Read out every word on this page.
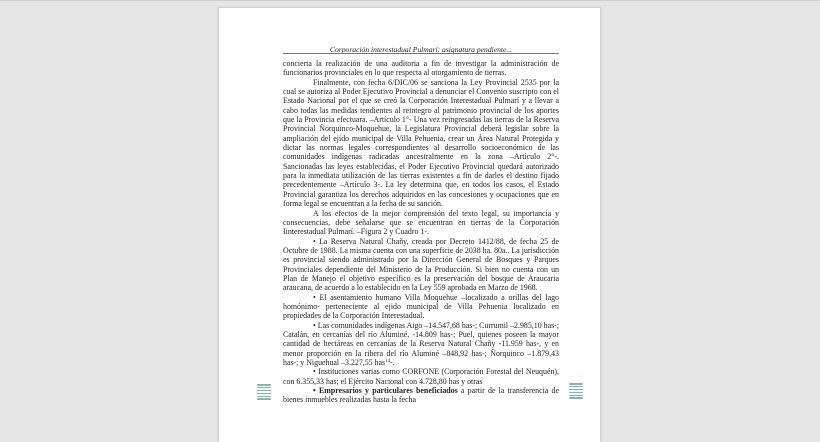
Corporación interestadual Pulmarí: asignatura pendiente...

concierta la realización de una auditoria a fin de investigar la administración de funcionarios provinciales en lo que respecta al otorgamiento de tierras.

Finalmente, con fecha 6/DIC/06 se sanciona la Ley Provincial 2535 por la cual se autoriza al Poder Ejecutivo Provincial a denunciar el Convenio suscripto con el Estado Nacional por el que se creó la Corporación Interestadual Pulmarí y a llevar a cabo todas las medidas tendientes al reintegro al patrimonio provincial de los aportes que la Provincia efectuara. –Artículo 1°- Una vez reingresadas las tierras de la Reserva Provincial Ñorquinco-Moquehue, la Legislatura Provincial deberá legislar sobre la ampliación del ejido municipal de Villa Pehuenia, crear un Área Natural Protegida y dictar las normas legales correspondientes al desarrollo socioeconómico de las comunidades indígenas radicadas ancestralmente en la zona –Artículo 2°-. Sancionadas las leyes establecidas, el Poder Ejecutivo Provincial quedará autorizado para la inmediata utilización de las tierras existentes a fin de darles el destino fijado precedentemente –Artículo 3-. La ley determina que, en todos los casos, el Estado Provincial garantiza los derechos adquiridos en las concesiones y ocupaciones que en forma legal se encuentran a la fecha de su sanción.

A los efectos de la mejor comprensión del texto legal, su importancia y consecuencias, debe señalarse que se encuentran en tierras de la Corporación Iinterestadual Pulmarí. –Figura 2 y Cuadro 1-.

• La Reserva Natural Chañy, creada por Decreto 1412/88, de fecha 25 de Octubre de 1988. La misma cuenta con una superficie de 2038 ha. 80a.. La jurisdicción es provincial siendo administrado por la Dirección General de Bosques y Parques Provinciales dependiente del Ministerio de la Producción. Si bien no cuenta con un Plan de Manejo el objetivo específico es la preservación del bosque de Araucaria araucana, de acuerdo a lo establecido en la Ley 559 aprobada en Marzo de 1968.

• El asentamiento humano Villa Moquehue –localizado a orillas del lago homónimo- perteneciente al ejido municipal de Villa Pehuenia localizado en propiedades de la Corporación Interestadual.

• Las comunidades indígenas Aigo –14.547,68 has-; Currumil –2.985,10 has-; Catalán, en cercanías del río Aluminé, -14.809 has-; Puel, quienes poseen la mayor cantidad de hectáreas en cercanías de la Reserva Natural Chañy -11.959 has-, y en menor proporción en la ribera del río Aluminé –848,92 has-; Ñorquinco –1.879,43 has-; y Niguehual –3.227,55 has$^{14}$-.

• Instituciones varias como CORFONE (Corporación Forestal del Neuquén), con 6.355,33 has; el Ejército Nacional con 4.728,80 has y otras

• Empresarios y particulares beneficiados a partir de la transferencia de bienes inmuebles realizadas hasta la fecha
